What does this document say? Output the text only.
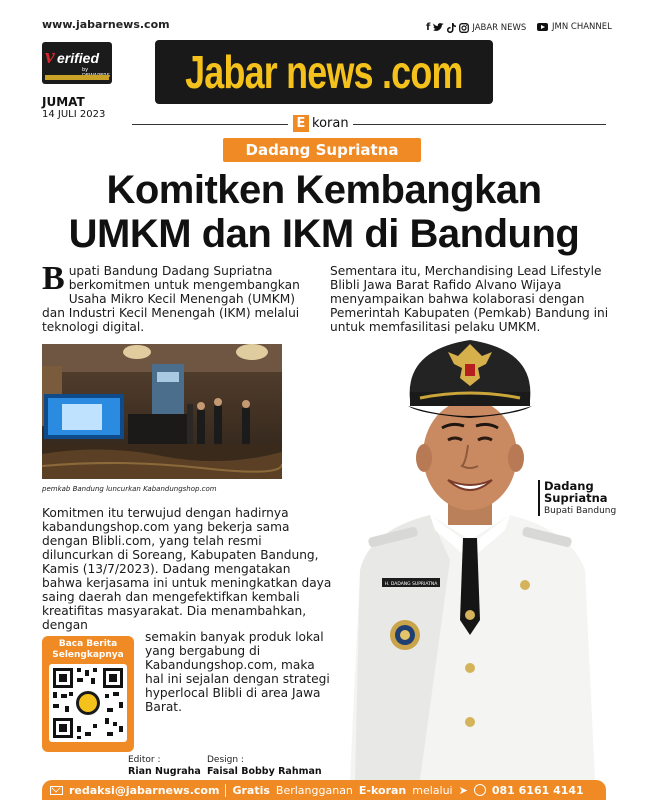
www.jabarnews.com	f	JABAR NEWS	JMN CHANNEL
v erified
by
JUMAT
14 JULI 2023
Jabar news .com
E koran
Dadang Supriatna
Komitken Kembangkan
UMKM dan IKM di Bandung
Bupati Bandung Dadang Supriatna berkomitmen untuk mengembangkan Usaha Mikro Kecil Menengah (UMKM) dan Industri Kecil Menengah (IKM) melalui teknologi digital.
Sementara itu, Merchandising Lead Lifestyle Blibli Jawa Barat Rafido Alvano Wijaya menyampaikan bahwa kolaborasi dengan Pemerintah Kabupaten (Pemkab) Bandung ini untuk memfasilitasi pelaku UMKM.
pemkab Bandung luncurkan Kabandungshop.com
Komitmen itu terwujud dengan hadirnya kabandungshop.com yang bekerja sama dengan Blibli.com, yang telah resmi diluncurkan di Soreang, Kabupaten Bandung, Kamis (13/7/2023). Dadang mengatakan bahwa kerjasama ini untuk meningkatkan daya saing daerah dan mengefektifkan kembali kreatifitas masyarakat. Dia menambahkan, dengan
semakin banyak produk lokal yang bergabung di Kabandungshop.com, maka hal ini sejalan dengan strategi hyperlocal Blibli di area Jawa Barat.
Baca Berita
Selengkapnya
Editor :
Rian Nugraha
Design :
Faisal Bobby Rahman
H. DADANG SUPRIATNA
Dadang Supriatna
Bupati Bandung
redaksi@jabarnews.com Gratis Berlangganan E-koran melalui ➤ 081 6161 4141
